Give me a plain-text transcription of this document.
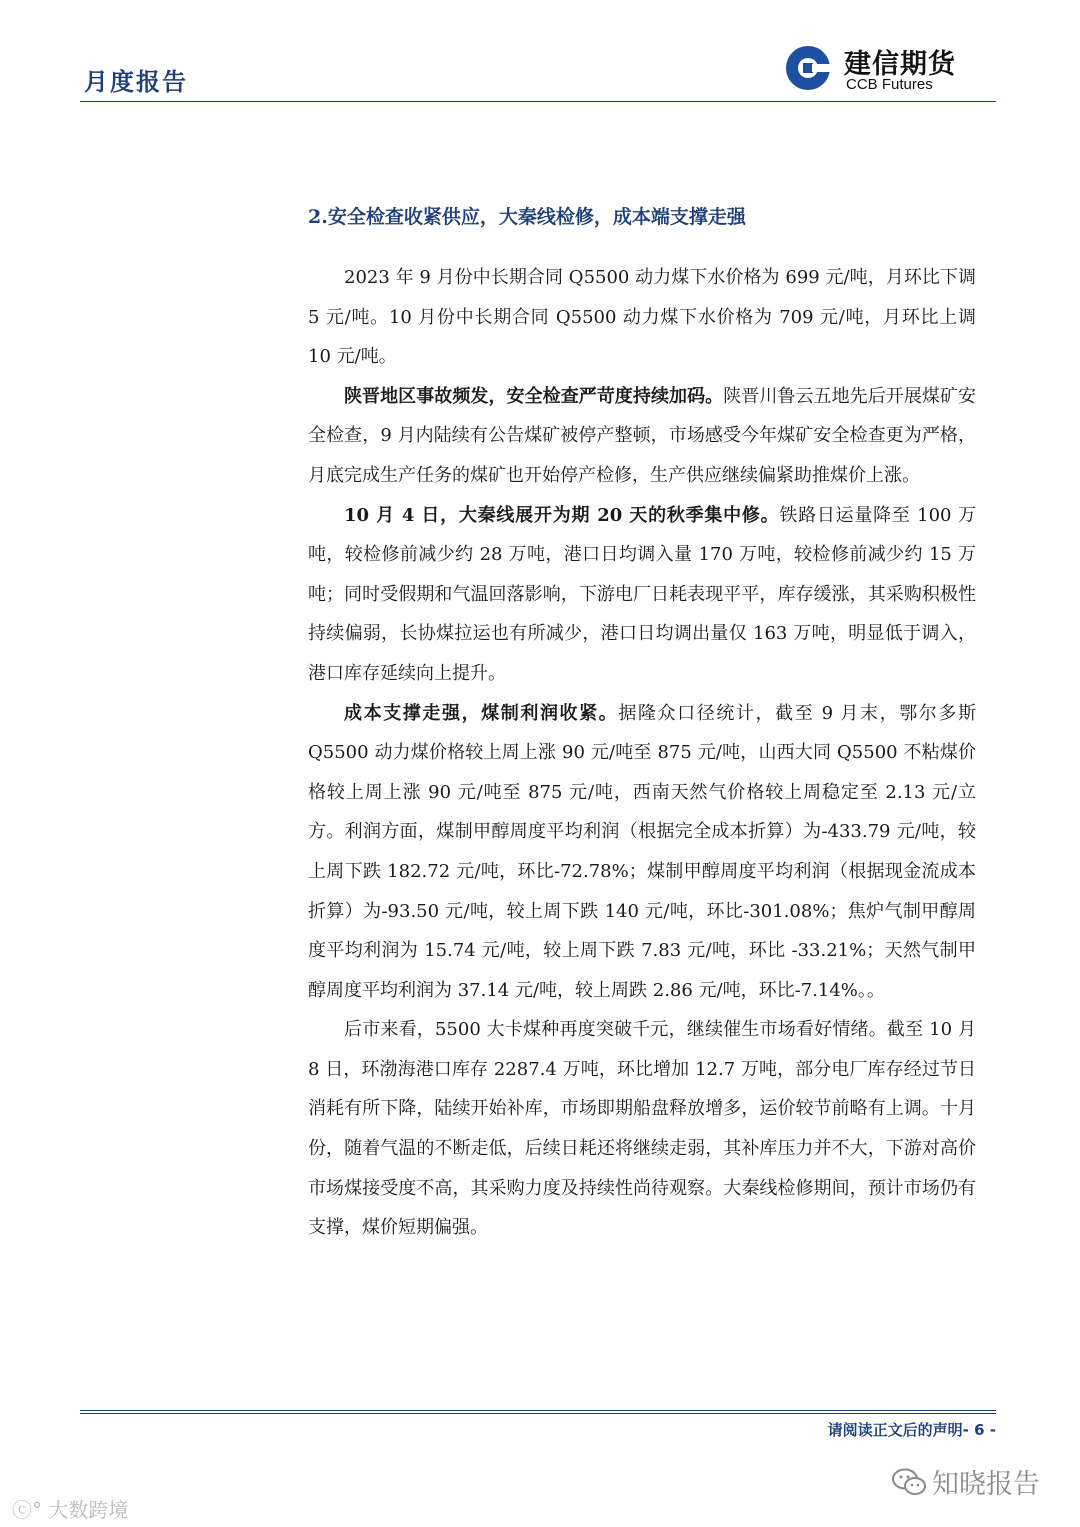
月度报告
建信期货
CCB Futures
2.安全检查收紧供应，大秦线检修，成本端支撑走强

2023 年 9 月份中长期合同 Q5500 动力煤下水价格为 699 元/吨，月环比下调 5 元/吨。10 月份中长期合同 Q5500 动力煤下水价格为 709 元/吨，月环比上调 10 元/吨。

陕晋地区事故频发，安全检查严苛度持续加码。陕晋川鲁云五地先后开展煤矿安全检查，9 月内陆续有公告煤矿被停产整顿，市场感受今年煤矿安全检查更为严格，月底完成生产任务的煤矿也开始停产检修，生产供应继续偏紧助推煤价上涨。

10 月 4 日，大秦线展开为期 20 天的秋季集中修。铁路日运量降至 100 万吨，较检修前减少约 28 万吨，港口日均调入量 170 万吨，较检修前减少约 15 万吨；同时受假期和气温回落影响，下游电厂日耗表现平平，库存缓涨，其采购积极性持续偏弱，长协煤拉运也有所减少，港口日均调出量仅 163 万吨，明显低于调入，港口库存延续向上提升。

成本支撑走强，煤制利润收紧。据隆众口径统计，截至 9 月末，鄂尔多斯 Q5500 动力煤价格较上周上涨 90 元/吨至 875 元/吨，山西大同 Q5500 不粘煤价格较上周上涨 90 元/吨至 875 元/吨，西南天然气价格较上周稳定至 2.13 元/立方。利润方面，煤制甲醇周度平均利润（根据完全成本折算）为-433.79 元/吨，较上周下跌 182.72 元/吨，环比-72.78%；煤制甲醇周度平均利润（根据现金流成本折算）为-93.50 元/吨，较上周下跌 140 元/吨，环比-301.08%；焦炉气制甲醇周度平均利润为 15.74 元/吨，较上周下跌 7.83 元/吨，环比 -33.21%；天然气制甲醇周度平均利润为 37.14 元/吨，较上周跌 2.86 元/吨，环比-7.14%。。

后市来看，5500 大卡煤种再度突破千元，继续催生市场看好情绪。截至 10 月 8 日，环渤海港口库存 2287.4 万吨，环比增加 12.7 万吨，部分电厂库存经过节日消耗有所下降，陆续开始补库，市场即期船盘释放增多，运价较节前略有上调。十月份，随着气温的不断走低，后续日耗还将继续走弱，其补库压力并不大，下游对高价市场煤接受度不高，其采购力度及持续性尚待观察。大秦线检修期间，预计市场仍有支撑，煤价短期偏强。

请阅读正文后的声明- 6 -
ⓒ° 大数跨境
知晓报告
